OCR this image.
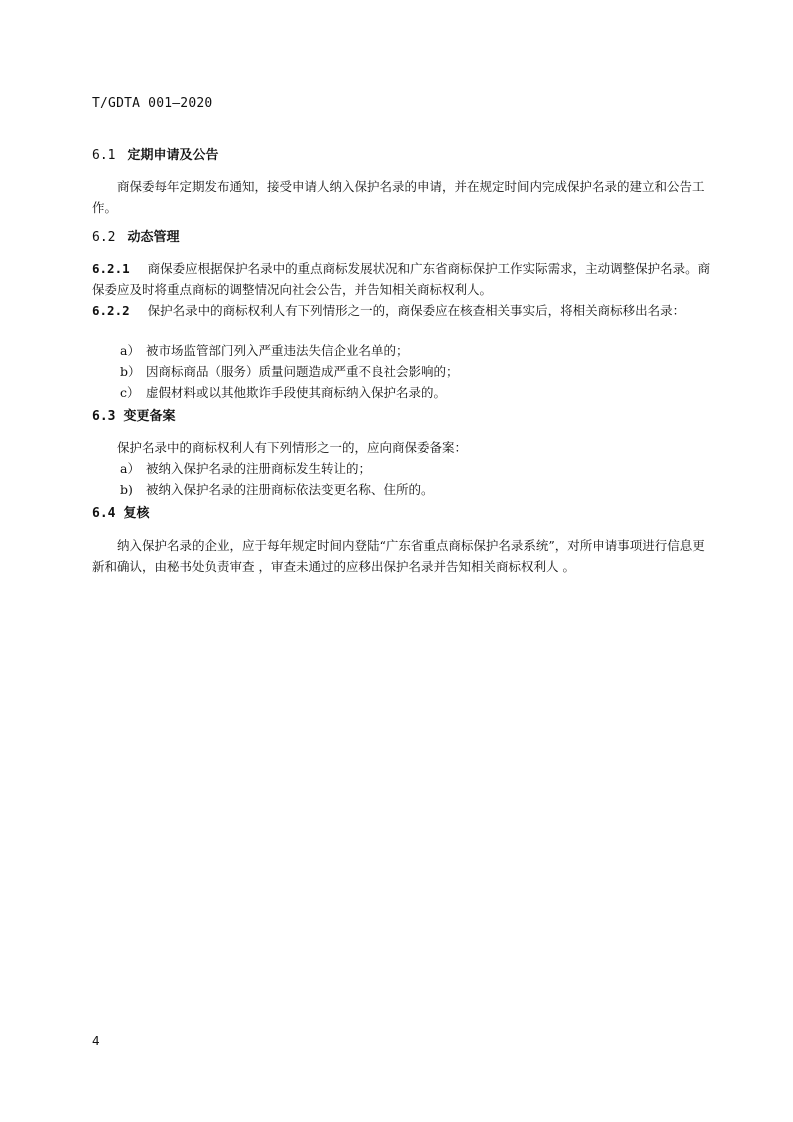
T/GDTA 001—2020
6.1 定期申请及公告
商保委每年定期发布通知，接受申请人纳入保护名录的申请，并在规定时间内完成保护名录的建立和公告工作。
6.2 动态管理
6.2.1 商保委应根据保护名录中的重点商标发展状况和广东省商标保护工作实际需求，主动调整保护名录。商保委应及时将重点商标的调整情况向社会公告，并告知相关商标权利人。
6.2.2 保护名录中的商标权利人有下列情形之一的，商保委应在核查相关事实后，将相关商标移出名录：
a） 被市场监管部门列入严重违法失信企业名单的；
b） 因商标商品（服务）质量问题造成严重不良社会影响的；
c） 虚假材料或以其他欺诈手段使其商标纳入保护名录的。
6.3 变更备案
保护名录中的商标权利人有下列情形之一的，应向商保委备案：
a） 被纳入保护名录的注册商标发生转让的；
b) 被纳入保护名录的注册商标依法变更名称、住所的。
6.4 复核
纳入保护名录的企业，应于每年规定时间内登陆“广东省重点商标保护名录系统”，对所申请事项进行信息更新和确认，由秘书处负责审查 ，审查未通过的应移出保护名录并告知相关商标权利人 。
4
